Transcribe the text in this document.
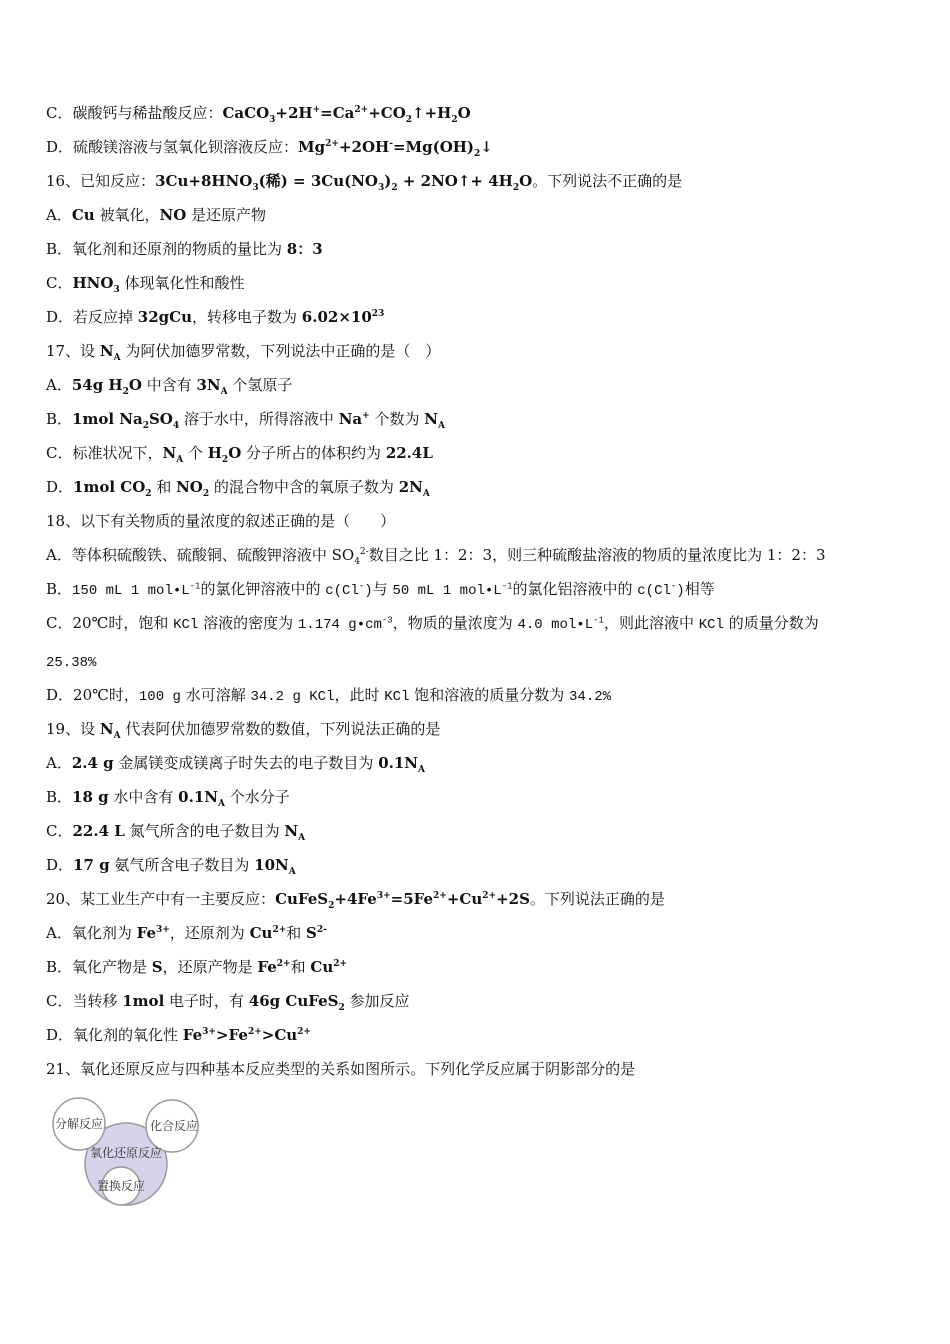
C．碳酸钙与稀盐酸反应：$CaCO_3+2H^+=Ca^{2+}+CO_2↑+H_2O$
D．硫酸镁溶液与氢氧化钡溶液反应：$Mg^{2+}+2OH^-=Mg(OH)_2↓$
16、已知反应：$3Cu+8HNO_3$(稀) = $3Cu(NO_3)_2$ + 2NO↑+ $4H_2O$。下列说法不正确的是
A．Cu 被氧化，NO 是还原产物
B．氧化剂和还原剂的物质的量比为 8：3
C．$HNO_3$ 体现氧化性和酸性
D．若反应掉 32gCu，转移电子数为 $6.02\times 10^{23}$
17、设 $N_A$ 为阿伏加德罗常数，下列说法中正确的是（　）
A．54g $H_2O$ 中含有 $3N_A$ 个氢原子
B．1mol $Na_2SO_4$ 溶于水中，所得溶液中 Na+ 个数为 $N_A$
C．标准状况下，$N_A$ 个 $H_2O$ 分子所占的体积约为 22.4L
D．1mol $CO_2$ 和 $NO_2$ 的混合物中含的氧原子数为 $2N_A$
18、以下有关物质的量浓度的叙述正确的是（　　）
A．等体积硫酸铁、硫酸铜、硫酸钾溶液中 $SO_4^{2-}$数目之比 1：2：3，则三种硫酸盐溶液的物质的量浓度比为 1：2：3
B．150 mL 1 $mol•L^{-1}$的氯化钾溶液中的 c(Cl-)与 50 mL 1 $mol•L^{-1}$的氯化铝溶液中的 c(Cl-)相等
C．20℃时，饱和 KCl 溶液的密度为 1.174 $g•cm^{-3}$，物质的量浓度为 4.0 $mol•L^{-1}$，则此溶液中 KCl 的质量分数为
25.38%
D．20℃时，100 g 水可溶解 34.2 g KCl，此时 KCl 饱和溶液的质量分数为 34.2%
19、设 $N_A$ 代表阿伏加德罗常数的数值，下列说法正确的是
A．2.4 g 金属镁变成镁离子时失去的电子数目为 $0.1N_A$
B．18 g 水中含有 $0.1N_A$ 个水分子
C．22.4 L 氮气所含的电子数目为 $N_A$
D．17 g 氨气所含电子数目为 $10N_A$
20、某工业生产中有一主要反应：$CuFeS_2+4Fe^{3+}=5Fe^{2+}+Cu^{2+}+2S$。下列说法正确的是
A．氧化剂为 $Fe^{3+}$，还原剂为 $Cu^{2+}$和 $S^{2-}$
B．氧化产物是 S，还原产物是 $Fe^{2+}$和 $Cu^{2+}$
C．当转移 1mol 电子时，有 46g CuFeS$_2$ 参加反应
D．氧化剂的氧化性 $Fe^{3+}>Fe^{2+}>Cu^{2+}$
21、氧化还原反应与四种基本反应类型的关系如图所示。下列化学反应属于阴影部分的是
分解反应	化合反应
氧化还原反应
置换反应
